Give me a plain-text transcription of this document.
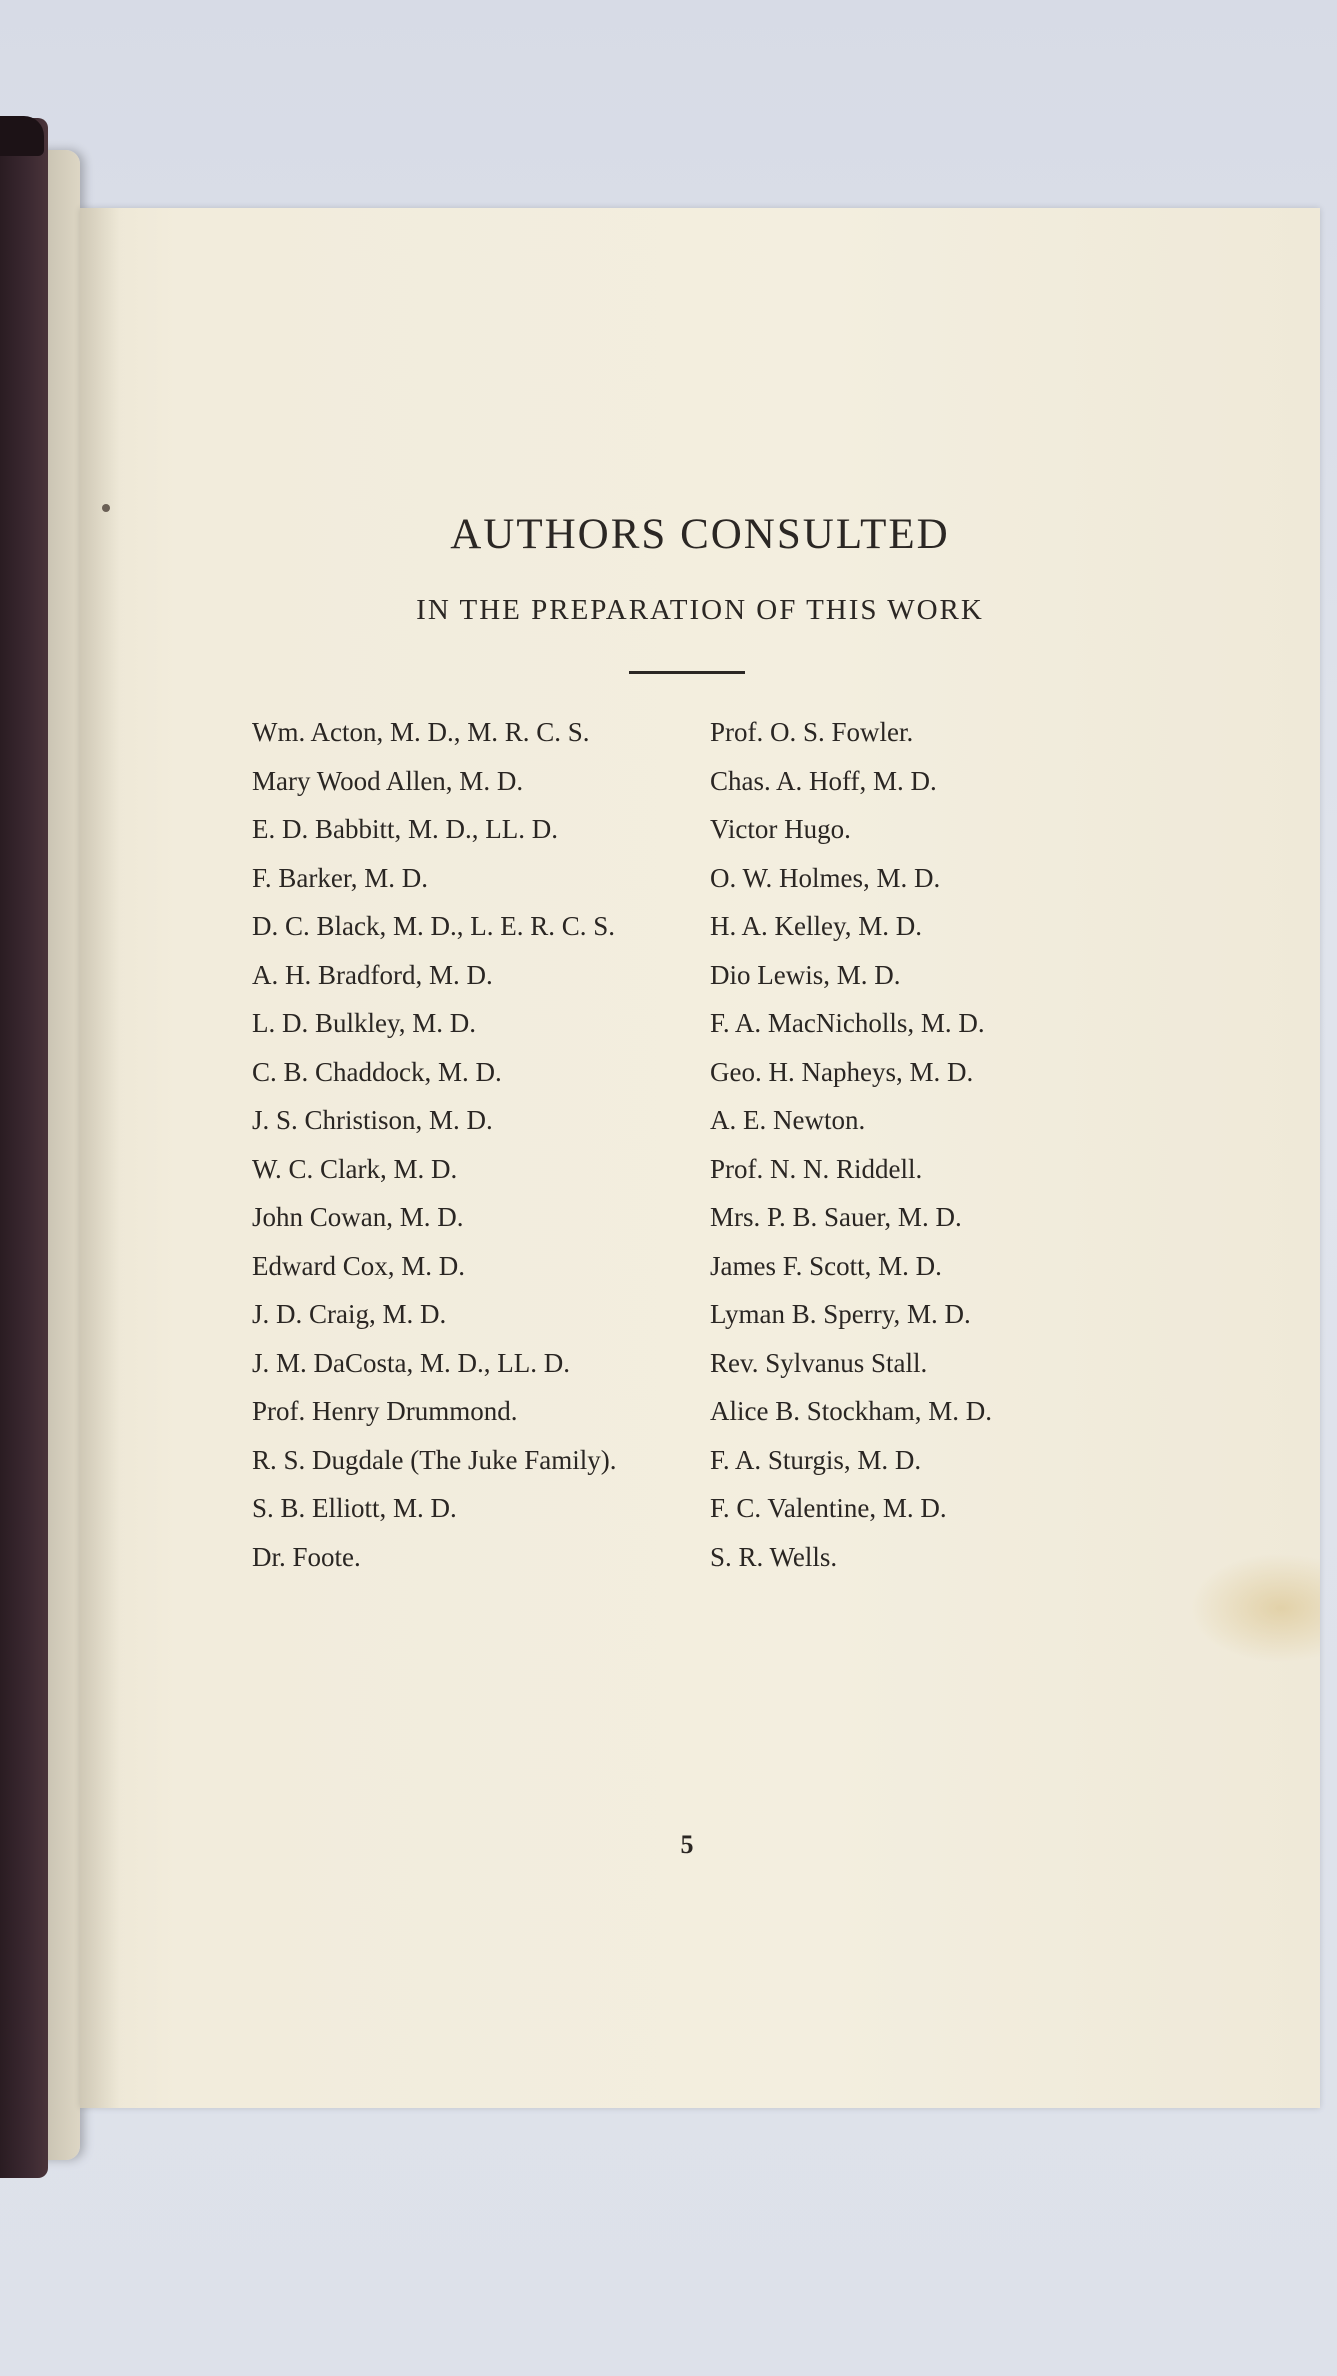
AUTHORS CONSULTED
IN THE PREPARATION OF THIS WORK
Wm. Acton, M. D., M. R. C. S.	Prof. O. S. Fowler.
Mary Wood Allen, M. D.	Chas. A. Hoff, M. D.
E. D. Babbitt, M. D., LL. D.	Victor Hugo.
F. Barker, M. D.	O. W. Holmes, M. D.
D. C. Black, M. D., L. E. R. C. S.	H. A. Kelley, M. D.
A. H. Bradford, M. D.	Dio Lewis, M. D.
L. D. Bulkley, M. D.	F. A. MacNicholls, M. D.
C. B. Chaddock, M. D.	Geo. H. Napheys, M. D.
J. S. Christison, M. D.	A. E. Newton.
W. C. Clark, M. D.	Prof. N. N. Riddell.
John Cowan, M. D.	Mrs. P. B. Sauer, M. D.
Edward Cox, M. D.	James F. Scott, M. D.
J. D. Craig, M. D.	Lyman B. Sperry, M. D.
J. M. DaCosta, M. D., LL. D.	Rev. Sylvanus Stall.
Prof. Henry Drummond.	Alice B. Stockham, M. D.
R. S. Dugdale (The Juke Family).	F. A. Sturgis, M. D.
S. B. Elliott, M. D.	F. C. Valentine, M. D.
Dr. Foote.	S. R. Wells.
5
